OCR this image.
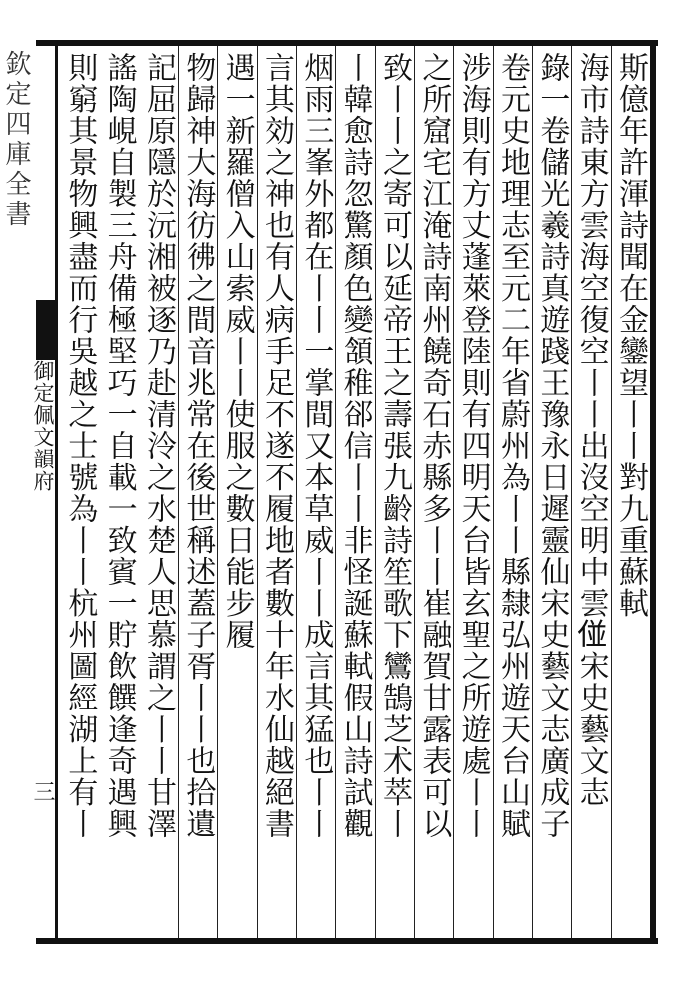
欽定四庫全書
御定佩文韻府
三
斯億年許渾詩聞在金鑾望丨丨對九重蘇軾
海市詩東方雲海空復空丨丨出沒空明中雲𠊧宋史藝文志
錄一卷儲光羲詩真遊踐王豫永日遲靈仙宋史藝文志廣成子
卷元史地理志至元二年省蔚州為丨丨縣隸弘州遊天台山賦
涉海則有方丈蓬萊登陸則有四明天台皆玄聖之所遊處丨丨
之所窟宅江淹詩南州饒奇石赤縣多丨丨崔融賀甘露表可以
致丨丨之寄可以延帝王之壽張九齡詩笙歌下鸞鵠芝术萃丨
丨韓愈詩忽驚顏色變頷稚郤信丨丨非怪誕蘇軾假山詩試觀
烟雨三峯外都在丨丨一掌間又本草威丨丨成言其猛也丨丨
言其効之神也有人病手足不遂不履地者數十年水仙越絕書
遇一新羅僧入山索威丨丨使服之數日能步履
物歸神大海彷彿之間音兆常在後世稱述蓋子胥丨丨也拾遺
記屈原隱於沅湘被逐乃赴清泠之水楚人思慕謂之丨丨甘澤
謠陶峴自製三舟備極堅巧一自載一致賓一貯飲饌逢奇遇興
則窮其景物興盡而行吳越之士號為丨丨杭州圖經湖上有丨
